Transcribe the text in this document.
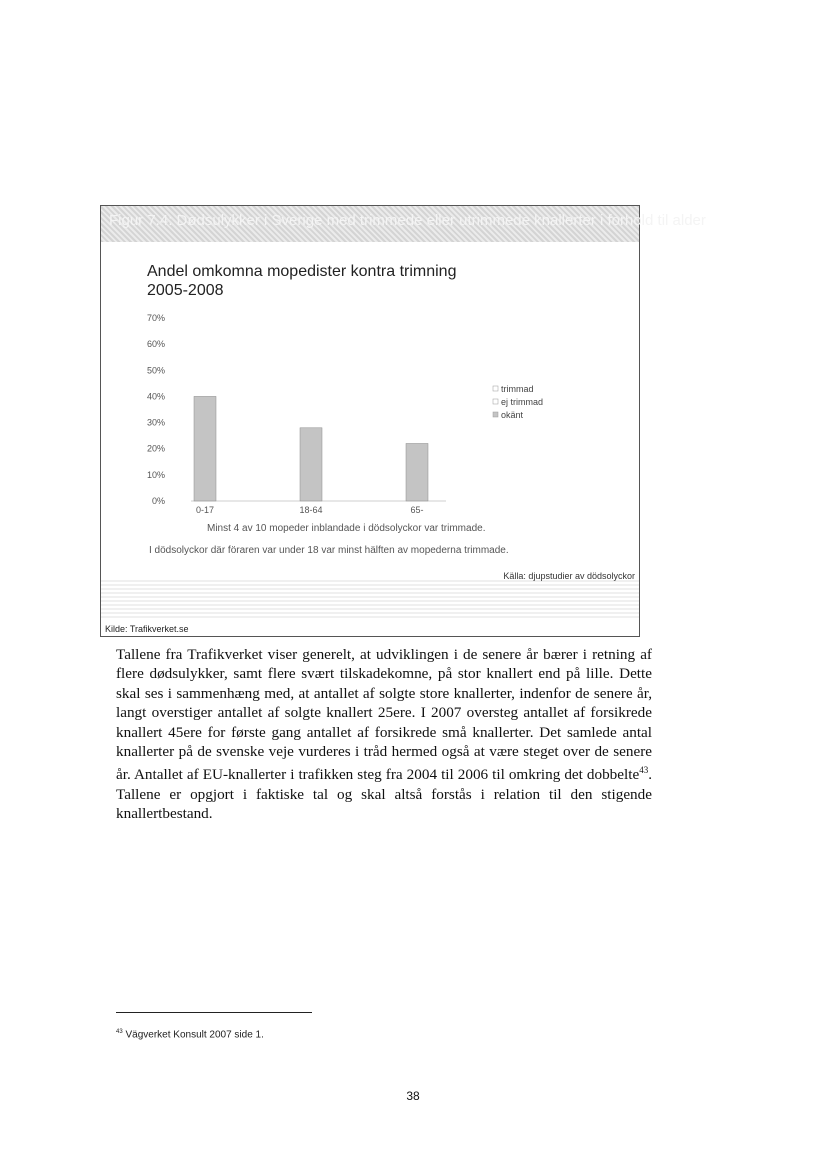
Figur 7.4: Dødsulykker i Sverige med trimmede eller utrimmede knallerter i forhold til alder
Andel omkomna mopedister kontra trimning
2005-2008
0%
10%
20%
30%
40%
50%
60%
70%
0-17	18-64	65-
trimmad
ej trimmad
okänt
Minst 4 av 10 mopeder inblandade i dödsolyckor var trimmade.
I dödsolyckor där föraren var under 18 var minst hälften av mopederna trimmade.
Källa: djupstudier av dödsolyckor
Kilde: Trafikverket.se

Tallene fra Trafikverket viser generelt, at udviklingen i de senere år bærer i retning af flere dødsulykker, samt flere svært tilskadekomne, på stor knallert end på lille. Dette skal ses i sammenhæng med, at antallet af solgte store knallerter, indenfor de senere år, langt overstiger antallet af solgte knallert 25ere. I 2007 oversteg antallet af forsikrede knallert 45ere for første gang antallet af forsikrede små knallerter. Det samlede antal knallerter på de svenske veje vurderes i tråd hermed også at være steget over de senere år. Antallet af EU-knallerter i trafikken steg fra 2004 til 2006 til omkring det dobbelte$^{43}$. Tallene er opgjort i faktiske tal og skal altså forstås i relation til den stigende knallertbestand.

$^{43}$ Vägverket Konsult 2007 side 1.
38
